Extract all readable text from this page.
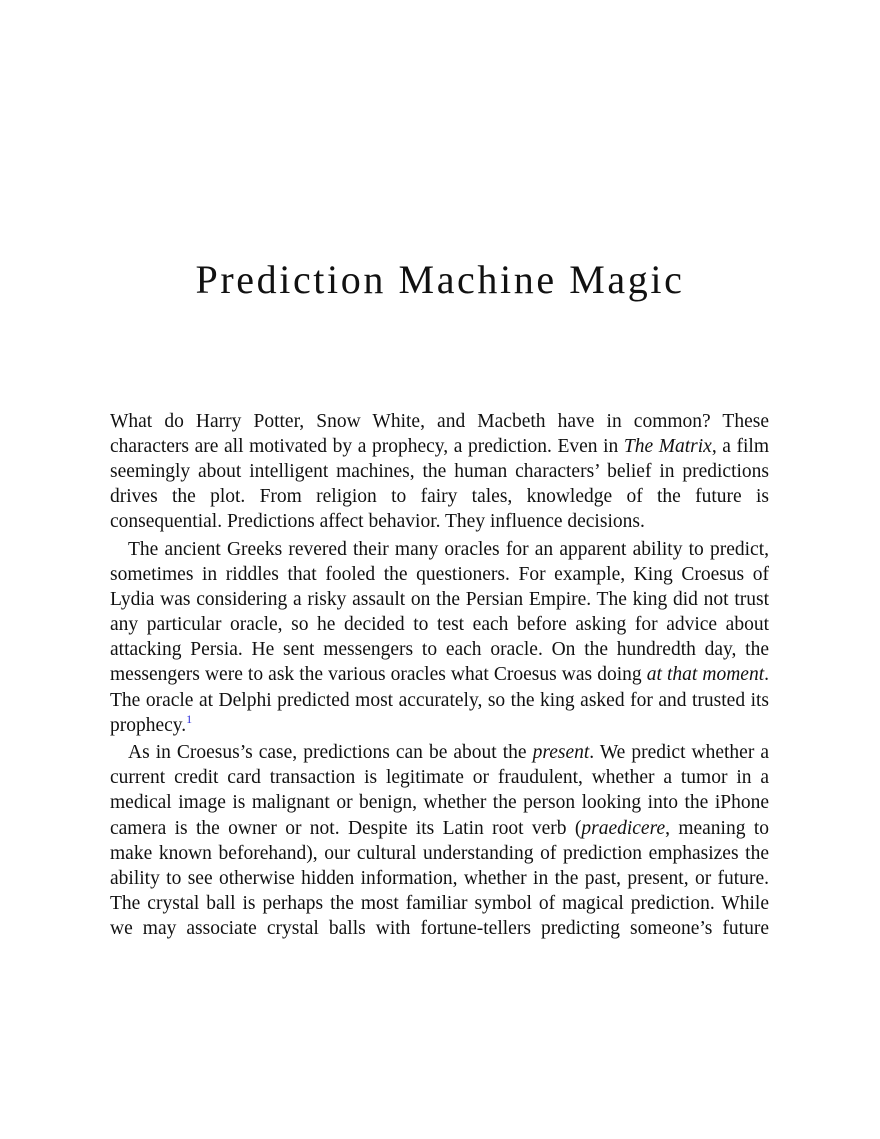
Prediction Machine Magic

What do Harry Potter, Snow White, and Macbeth have in common? These characters are all motivated by a prophecy, a prediction. Even in The Matrix, a film seemingly about intelligent machines, the human characters’ belief in predictions drives the plot. From religion to fairy tales, knowledge of the future is consequential. Predictions affect behavior. They influence decisions.

The ancient Greeks revered their many oracles for an apparent ability to predict, sometimes in riddles that fooled the questioners. For example, King Croesus of Lydia was considering a risky assault on the Persian Empire. The king did not trust any particular oracle, so he decided to test each before asking for advice about attacking Persia. He sent messengers to each oracle. On the hundredth day, the messengers were to ask the various oracles what Croesus was doing at that moment. The oracle at Delphi predicted most accurately, so the king asked for and trusted its prophecy.$^1$

As in Croesus’s case, predictions can be about the present. We predict whether a current credit card transaction is legitimate or fraudulent, whether a tumor in a medical image is malignant or benign, whether the person looking into the iPhone camera is the owner or not. Despite its Latin root verb (praedicere, meaning to make known beforehand), our cultural understanding of prediction emphasizes the ability to see otherwise hidden information, whether in the past, present, or future. The crystal ball is perhaps the most familiar symbol of magical prediction. While we may associate crystal balls with fortune-tellers predicting someone’s future
